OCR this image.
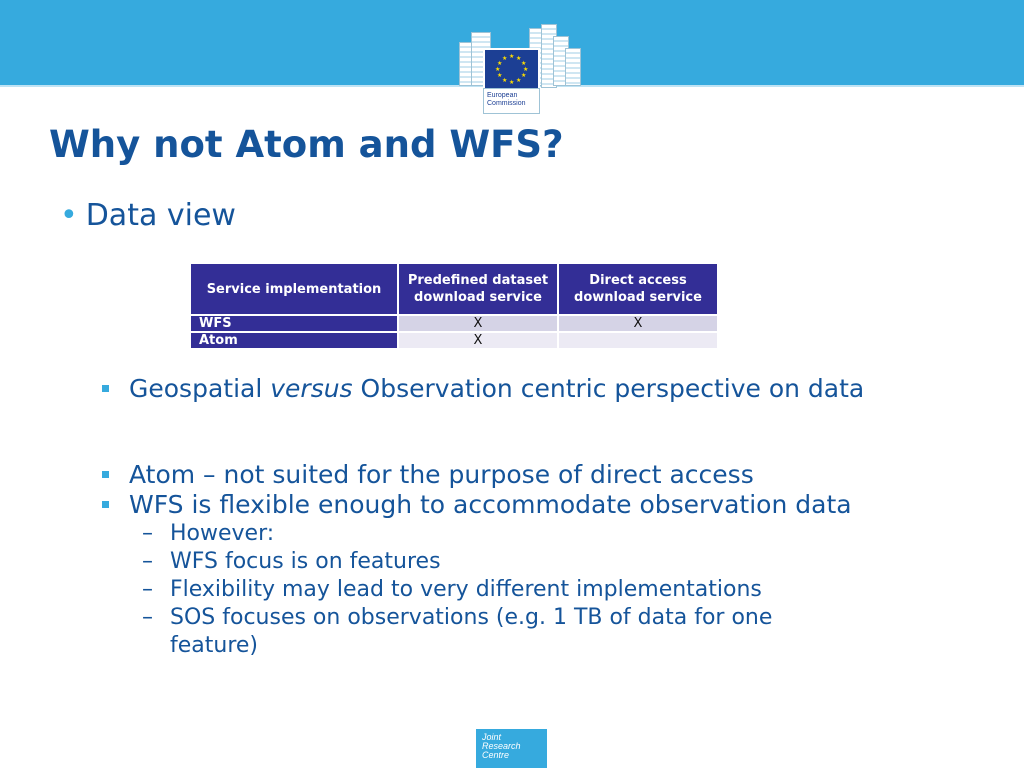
★ ★
★
★
★
★
★
★
★
★
★
★
European
Commission
Why not Atom and WFS?
• Data view
Service implementation	Predefined dataset download service	Direct access download service
WFS	X	X
Atom	X	
Geospatial versus Observation centric perspective on data
Atom – not suited for the purpose of direct access
WFS is flexible enough to accommodate observation data
– However:
– WFS focus is on features
– Flexibility may lead to very different implementations
– SOS focuses on observations (e.g. 1 TB of data for one
feature)
Joint
Research
Centre
